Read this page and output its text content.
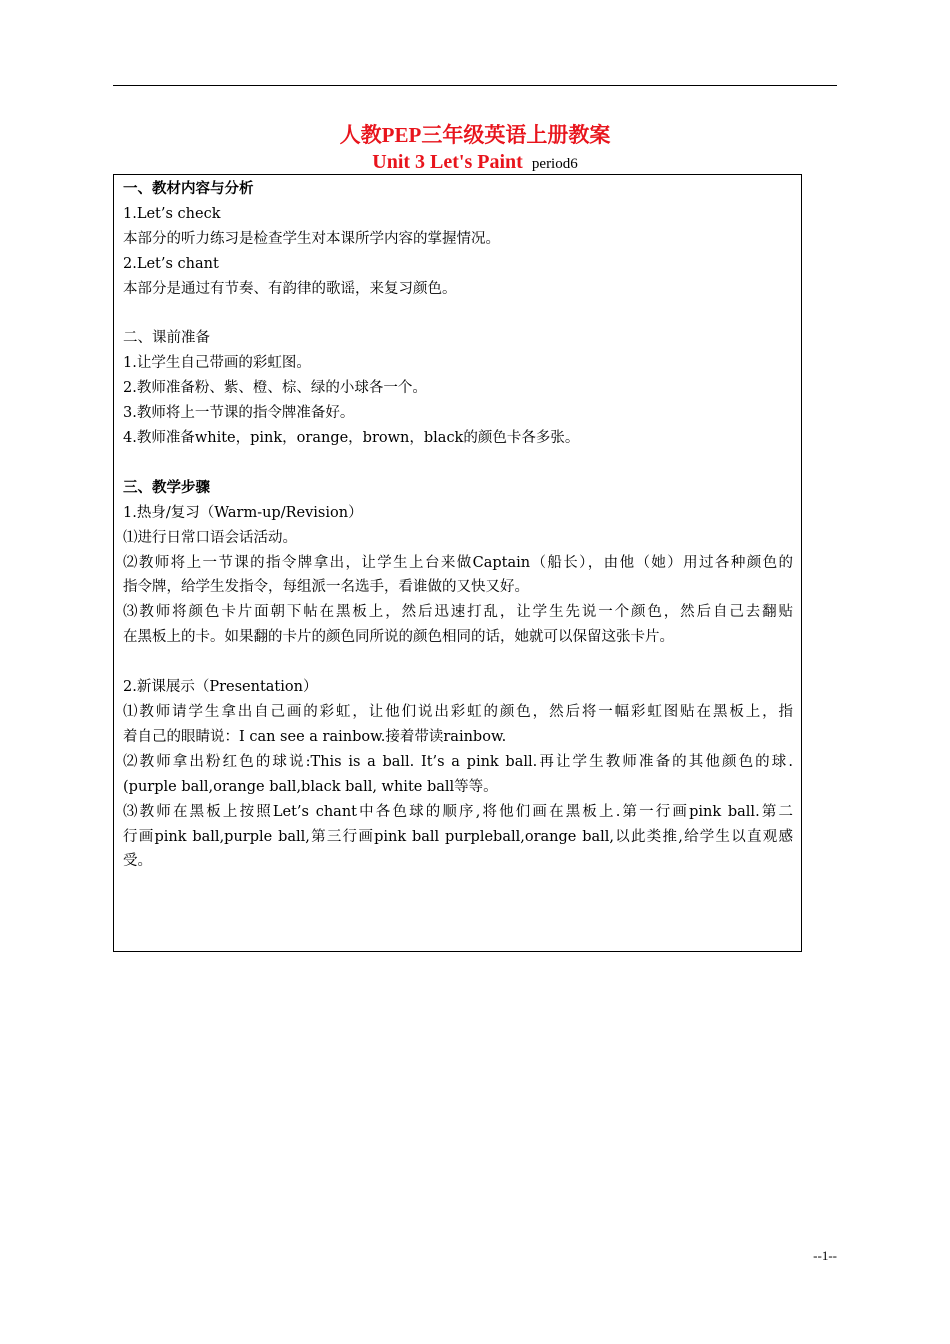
人教PEP三年级英语上册教案
Unit 3 Let's Paint period6
一、教材内容与分析
1.Let’s check
本部分的听力练习是检查学生对本课所学内容的掌握情况。
2.Let’s chant
本部分是通过有节奏、有韵律的歌谣，来复习颜色。
二、课前准备
1.让学生自己带画的彩虹图。
2.教师准备粉、紫、橙、棕、绿的小球各一个。
3.教师将上一节课的指令牌准备好。
4.教师准备white，pink，orange，brown，black的颜色卡各多张。
三、教学步骤
1.热身/复习（Warm-up/Revision）
⑴进行日常口语会话活动。
⑵教师将上一节课的指令牌拿出，让学生上台来做Captain（船长），由他（她）用过各种颜色的
指令牌，给学生发指令，每组派一名选手，看谁做的又快又好。
⑶教师将颜色卡片面朝下帖在黑板上，然后迅速打乱，让学生先说一个颜色，然后自己去翻贴
在黑板上的卡。如果翻的卡片的颜色同所说的颜色相同的话，她就可以保留这张卡片。
2.新课展示（Presentation）
⑴教师请学生拿出自己画的彩虹，让他们说出彩虹的颜色，然后将一幅彩虹图贴在黑板上，指
着自己的眼睛说：I can see a rainbow.接着带读rainbow.
⑵教师拿出粉红色的球说:This is a ball. It’s a pink ball.再让学生教师准备的其他颜色的球.
(purple ball,orange ball,black ball, white ball等等。
⑶教师在黑板上按照Let’s chant中各色球的顺序,将他们画在黑板上.第一行画pink ball.第二
行画pink ball,purple ball,第三行画pink ball purpleball,orange ball,以此类推,给学生以直观感
受。
--1--
